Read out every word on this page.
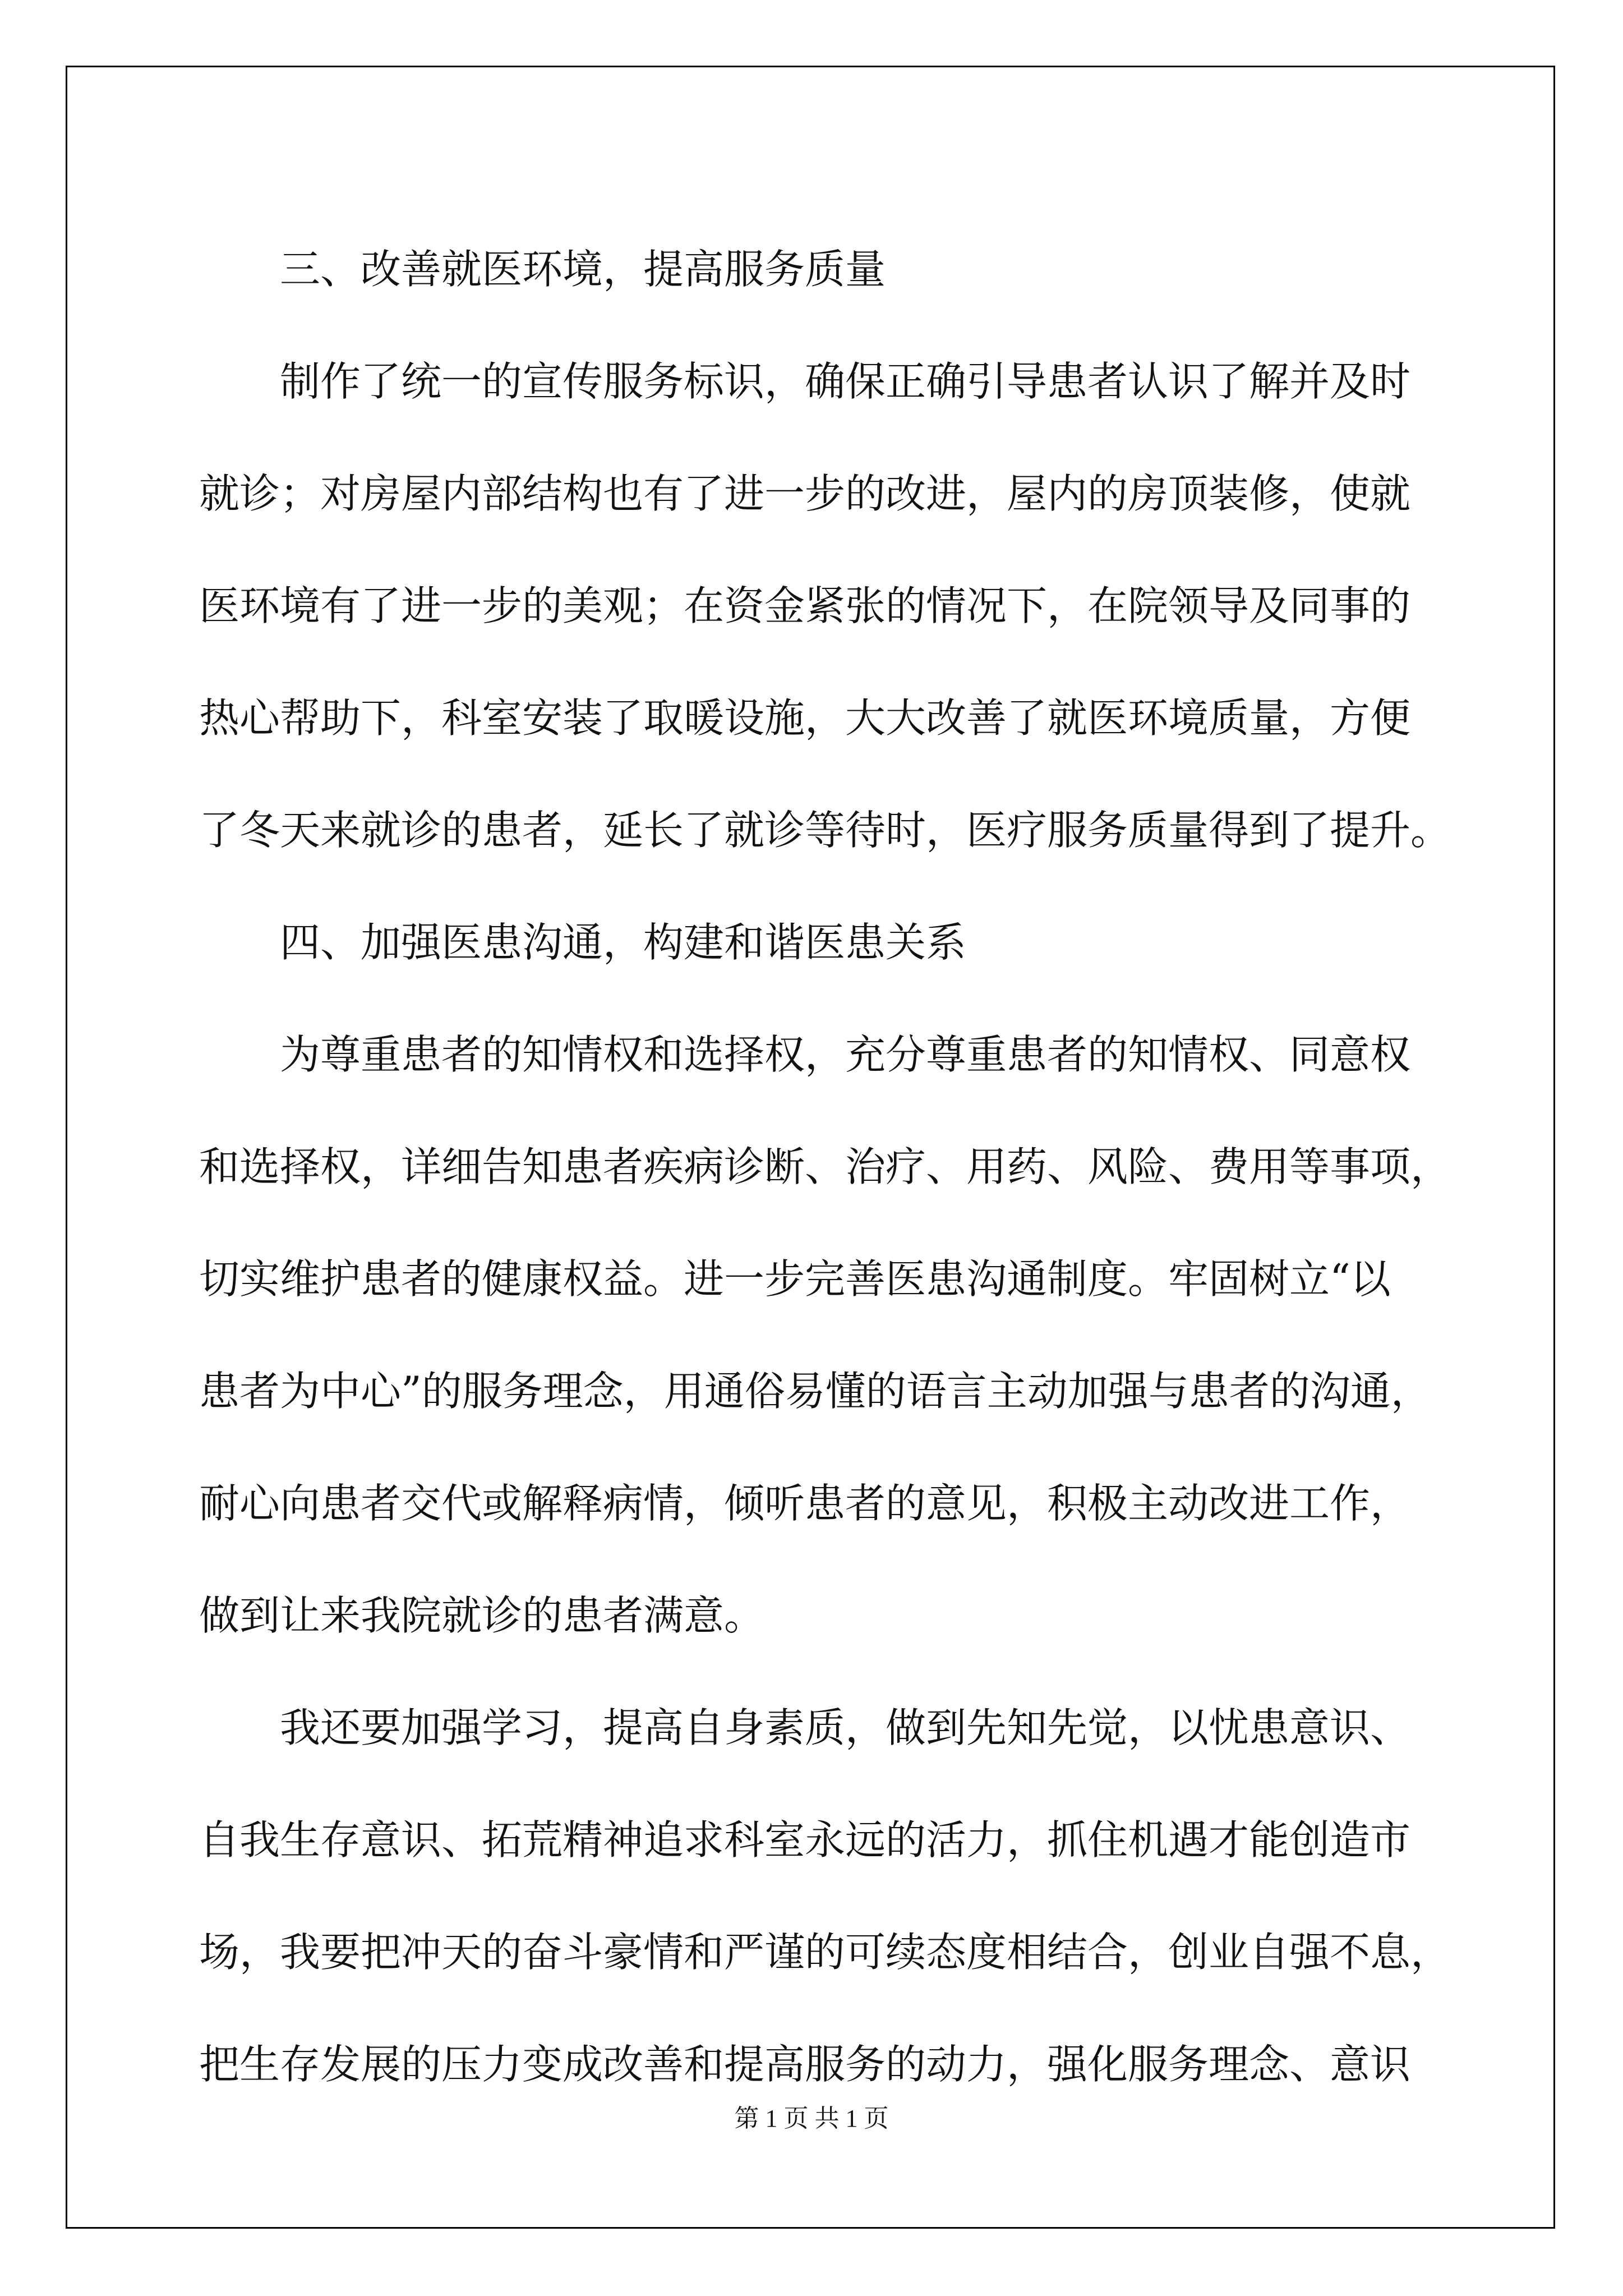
三、改善就医环境，提高服务质量

制作了统一的宣传服务标识，确保正确引导患者认识了解并及时
就诊；对房屋内部结构也有了进一步的改进，屋内的房顶装修，使就
医环境有了进一步的美观；在资金紧张的情况下，在院领导及同事的
热心帮助下，科室安装了取暖设施，大大改善了就医环境质量，方便
了冬天来就诊的患者，延长了就诊等待时，医疗服务质量得到了提升。

四、加强医患沟通，构建和谐医患关系

为尊重患者的知情权和选择权，充分尊重患者的知情权、同意权
和选择权，详细告知患者疾病诊断、治疗、用药、风险、费用等事项，
切实维护患者的健康权益。进一步完善医患沟通制度。牢固树立“以
患者为中心”的服务理念，用通俗易懂的语言主动加强与患者的沟通，
耐心向患者交代或解释病情，倾听患者的意见，积极主动改进工作，
做到让来我院就诊的患者满意。

我还要加强学习，提高自身素质，做到先知先觉，以忧患意识、
自我生存意识、拓荒精神追求科室永远的活力，抓住机遇才能创造市
场，我要把冲天的奋斗豪情和严谨的可续态度相结合，创业自强不息，
把生存发展的压力变成改善和提高服务的动力，强化服务理念、意识

第 1 页 共 1 页
